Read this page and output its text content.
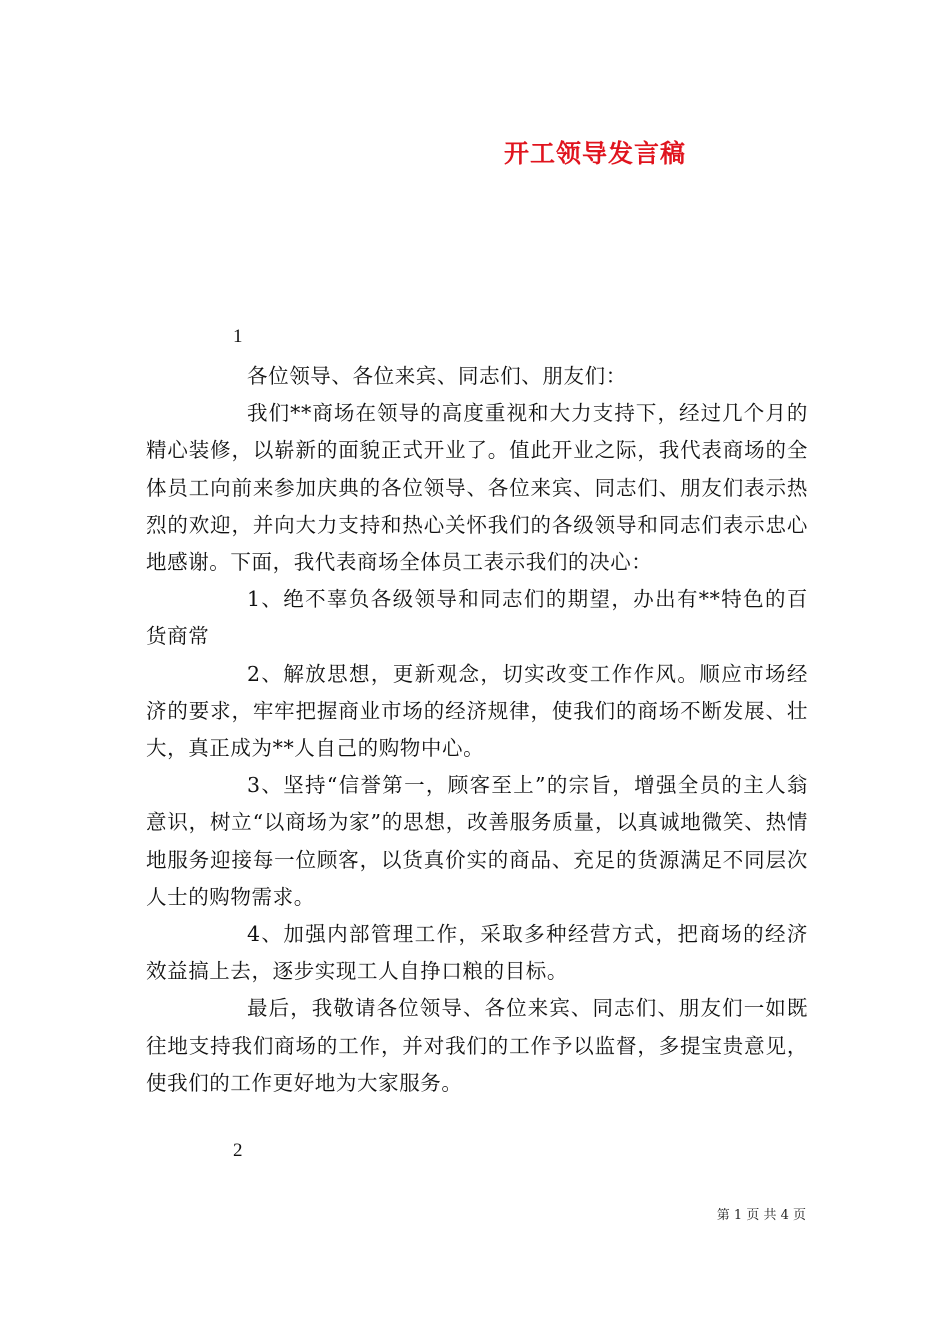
开工领导发言稿
1

各位领导、各位来宾、同志们、朋友们：

我们**商场在领导的高度重视和大力支持下，经过几个月的精心装修，以崭新的面貌正式开业了。值此开业之际，我代表商场的全体员工向前来参加庆典的各位领导、各位来宾、同志们、朋友们表示热烈的欢迎，并向大力支持和热心关怀我们的各级领导和同志们表示忠心地感谢。下面，我代表商场全体员工表示我们的决心：

1、绝不辜负各级领导和同志们的期望，办出有**特色的百货商常

2、解放思想，更新观念，切实改变工作作风。顺应市场经济的要求，牢牢把握商业市场的经济规律，使我们的商场不断发展、壮大，真正成为**人自己的购物中心。

3、坚持“信誉第一，顾客至上”的宗旨，增强全员的主人翁意识，树立“以商场为家”的思想，改善服务质量，以真诚地微笑、热情地服务迎接每一位顾客，以货真价实的商品、充足的货源满足不同层次人士的购物需求。

4、加强内部管理工作，采取多种经营方式，把商场的经济效益搞上去，逐步实现工人自挣口粮的目标。

最后，我敬请各位领导、各位来宾、同志们、朋友们一如既往地支持我们商场的工作，并对我们的工作予以监督，多提宝贵意见，使我们的工作更好地为大家服务。

2
第 1 页 共 4 页
